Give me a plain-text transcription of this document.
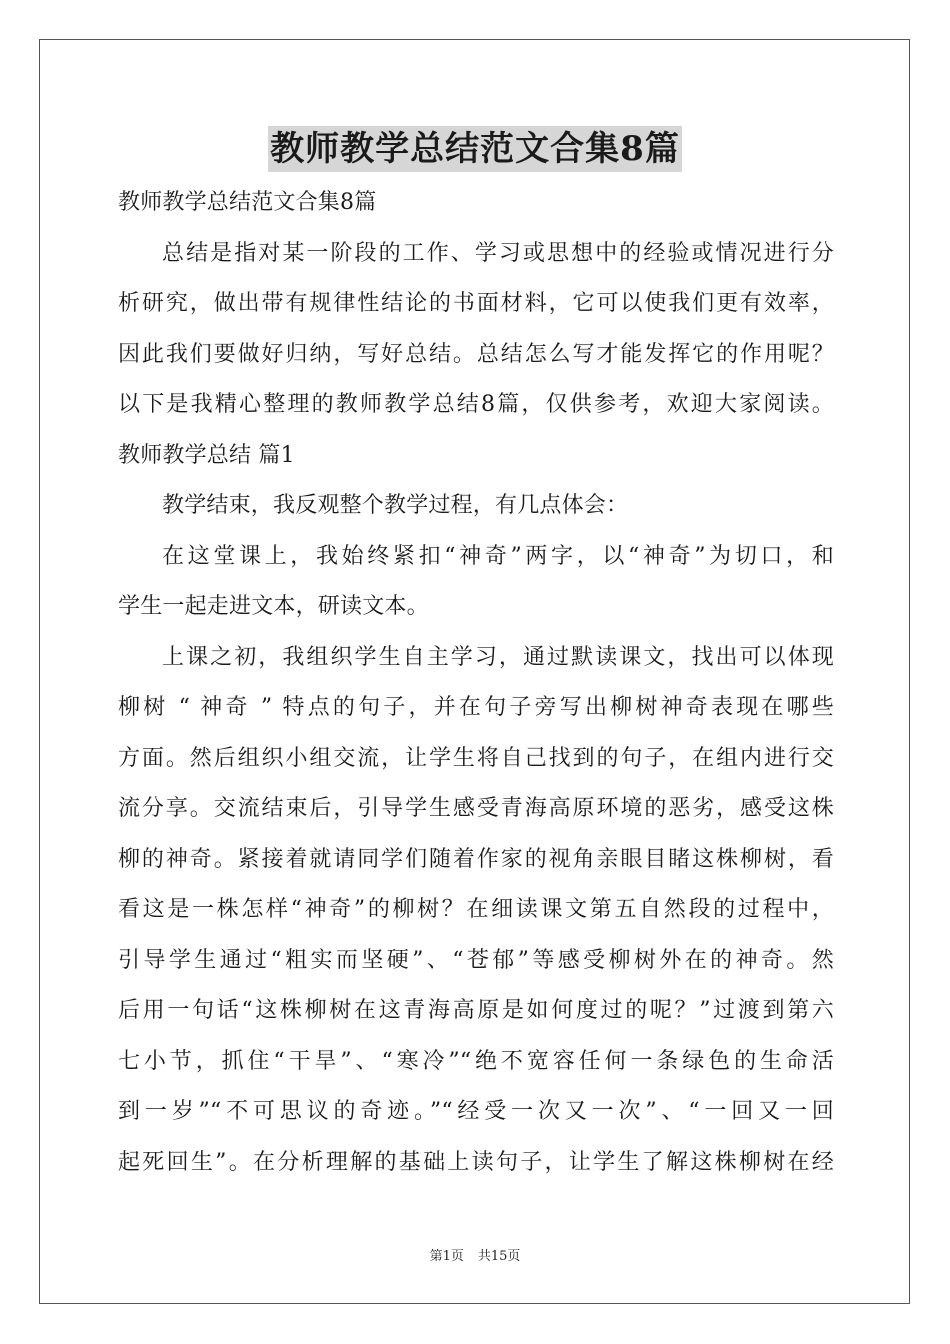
教师教学总结范文合集8篇
教师教学总结范文合集8篇
总结是指对某一阶段的工作、学习或思想中的经验或情况进行分
析研究，做出带有规律性结论的书面材料，它可以使我们更有效率，
因此我们要做好归纳，写好总结。总结怎么写才能发挥它的作用呢？
以下是我精心整理的教师教学总结8篇，仅供参考，欢迎大家阅读。
教师教学总结 篇1
教学结束，我反观整个教学过程，有几点体会：
在这堂课上，我始终紧扣“神奇”两字，以“神奇”为切口，和
学生一起走进文本，研读文本。
上课之初，我组织学生自主学习，通过默读课文，找出可以体现
柳树 “ 神奇 ” 特点的句子，并在句子旁写出柳树神奇表现在哪些
方面。然后组织小组交流，让学生将自己找到的句子，在组内进行交
流分享。交流结束后，引导学生感受青海高原环境的恶劣，感受这株
柳的神奇。紧接着就请同学们随着作家的视角亲眼目睹这株柳树，看
看这是一株怎样“神奇”的柳树？在细读课文第五自然段的过程中，
引导学生通过“粗实而坚硬”、“苍郁”等感受柳树外在的神奇。然
后用一句话“这株柳树在这青海高原是如何度过的呢？”过渡到第六
七小节，抓住“干旱”、“寒冷”“绝不宽容任何一条绿色的生命活
到一岁”“不可思议的奇迹。”“经受一次又一次”、“一回又一回
起死回生”。在分析理解的基础上读句子，让学生了解这株柳树在经
第1页 共15页
